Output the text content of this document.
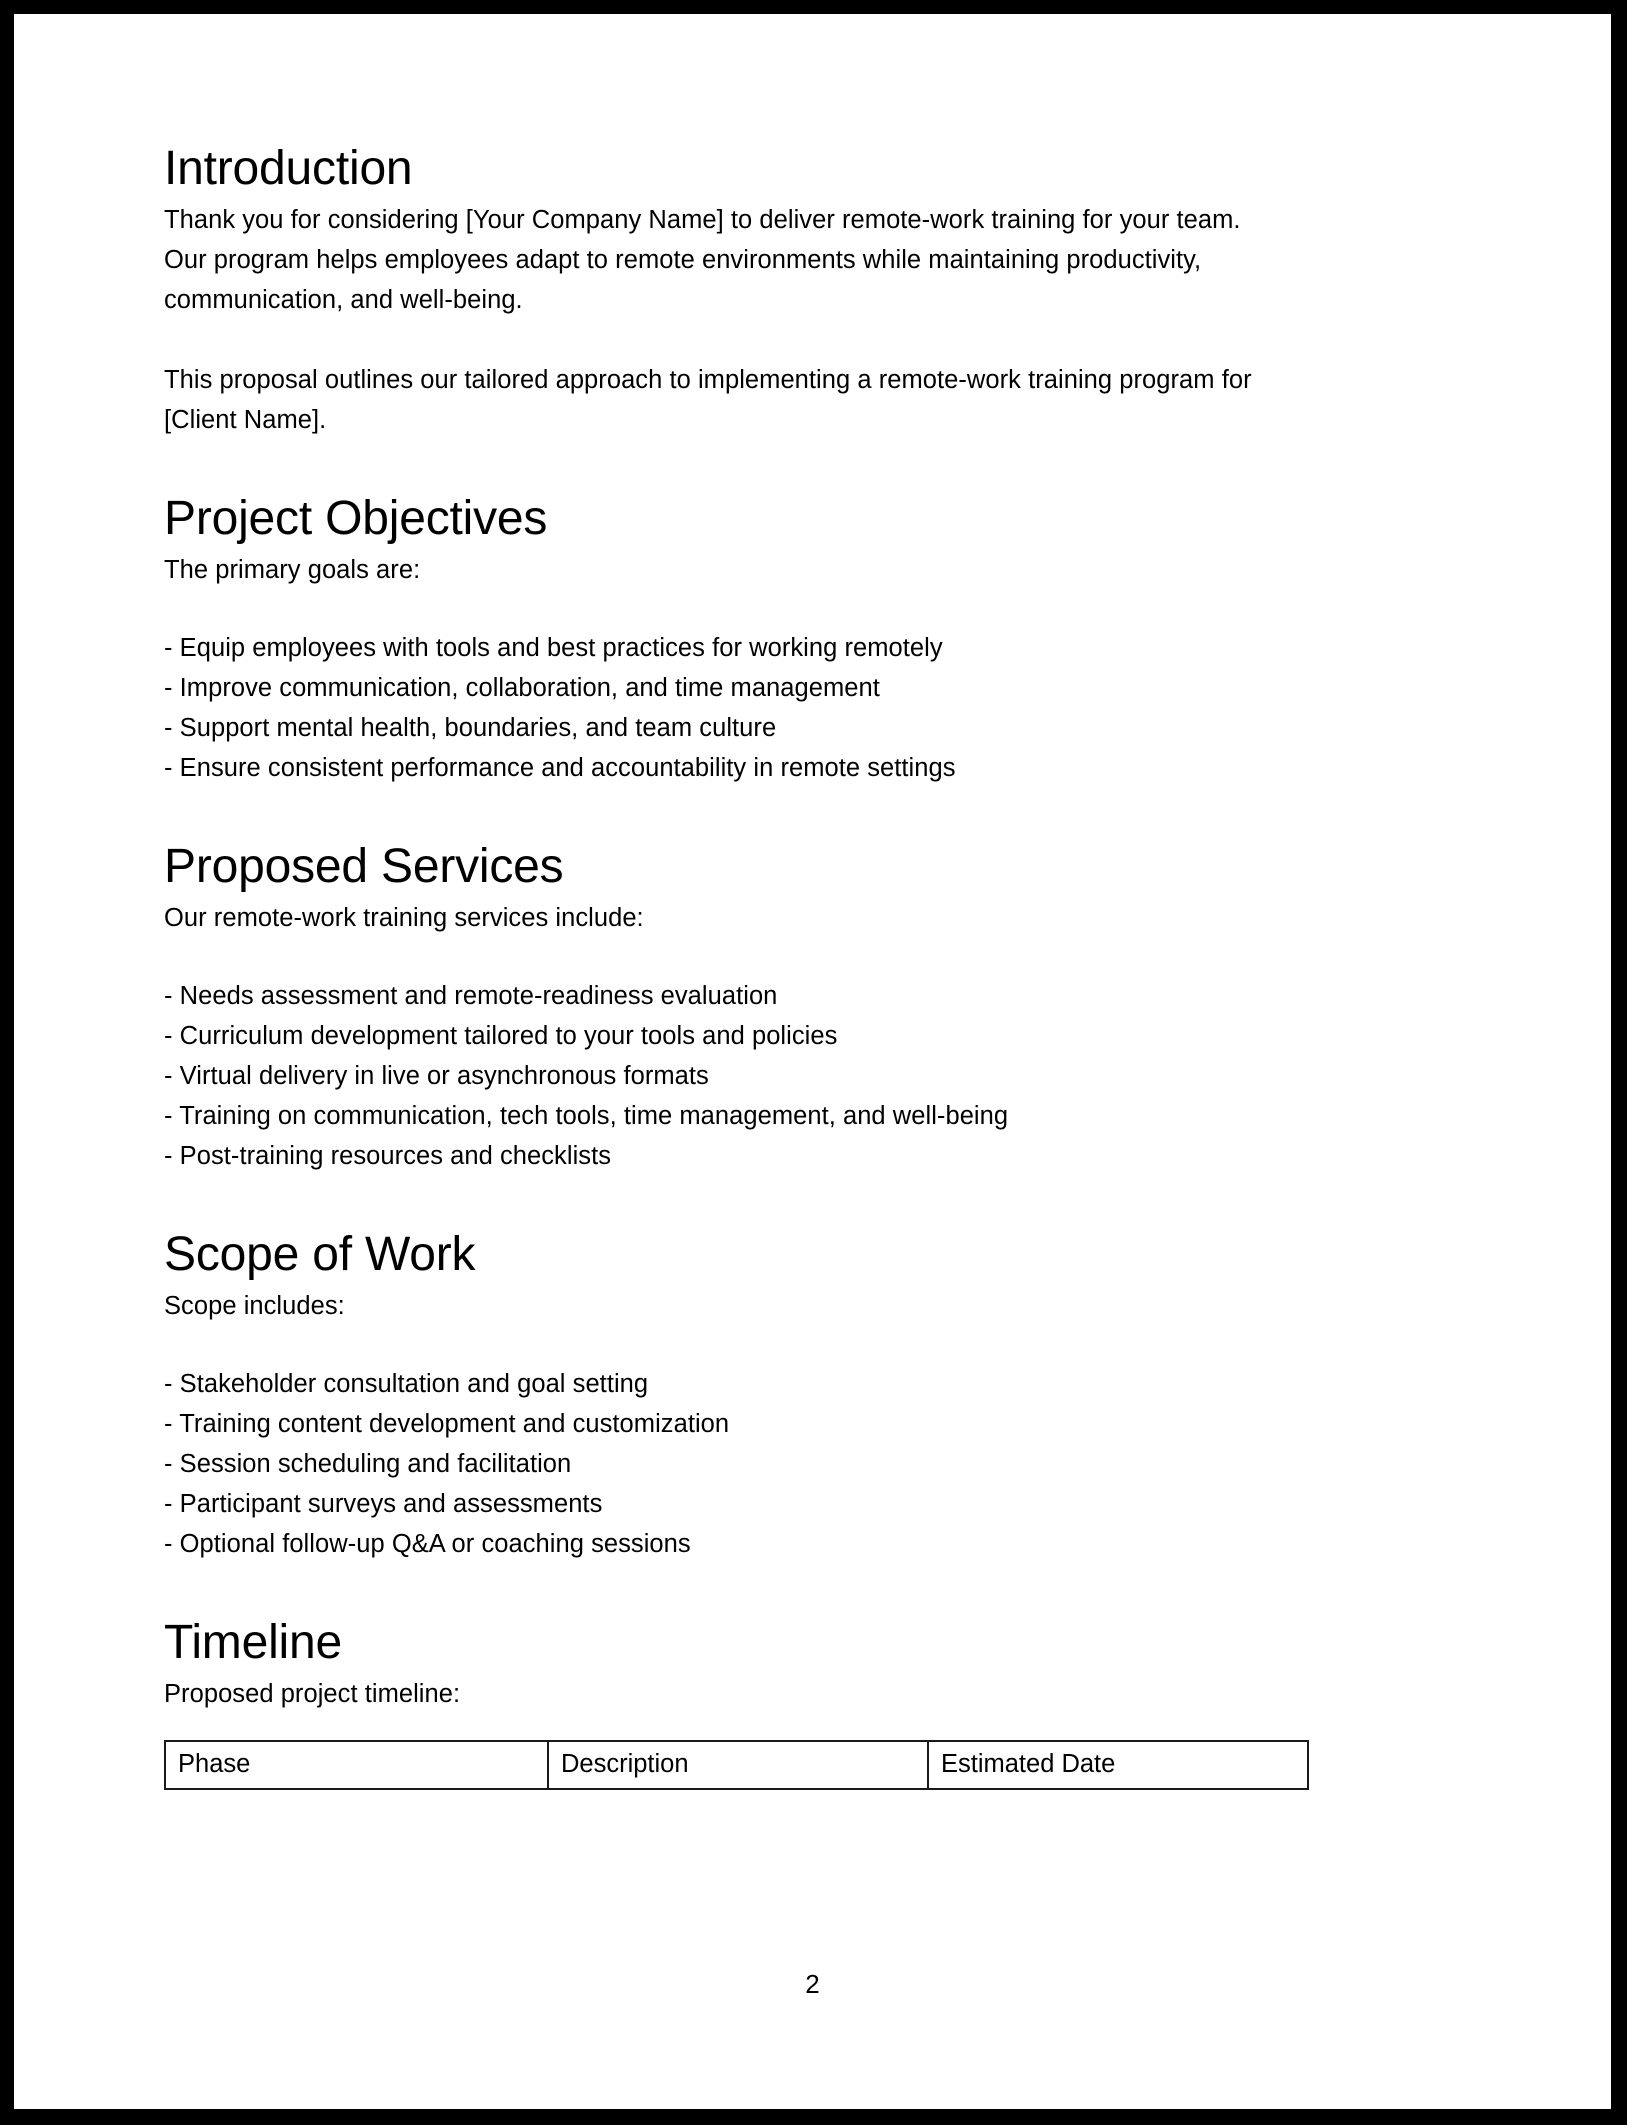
Introduction

Thank you for considering [Your Company Name] to deliver remote-work training for your team.

Our program helps employees adapt to remote environments while maintaining productivity,

communication, and well-being.

This proposal outlines our tailored approach to implementing a remote-work training program for

[Client Name].

Project Objectives

The primary goals are:

- Equip employees with tools and best practices for working remotely
- Improve communication, collaboration, and time management
- Support mental health, boundaries, and team culture
- Ensure consistent performance and accountability in remote settings
Proposed Services

Our remote-work training services include:

- Needs assessment and remote-readiness evaluation
- Curriculum development tailored to your tools and policies
- Virtual delivery in live or asynchronous formats
- Training on communication, tech tools, time management, and well-being
- Post-training resources and checklists
Scope of Work

Scope includes:

- Stakeholder consultation and goal setting
- Training content development and customization
- Session scheduling and facilitation
- Participant surveys and assessments
- Optional follow-up Q&A or coaching sessions
Timeline

Proposed project timeline:

Phase	Description	Estimated Date
2
